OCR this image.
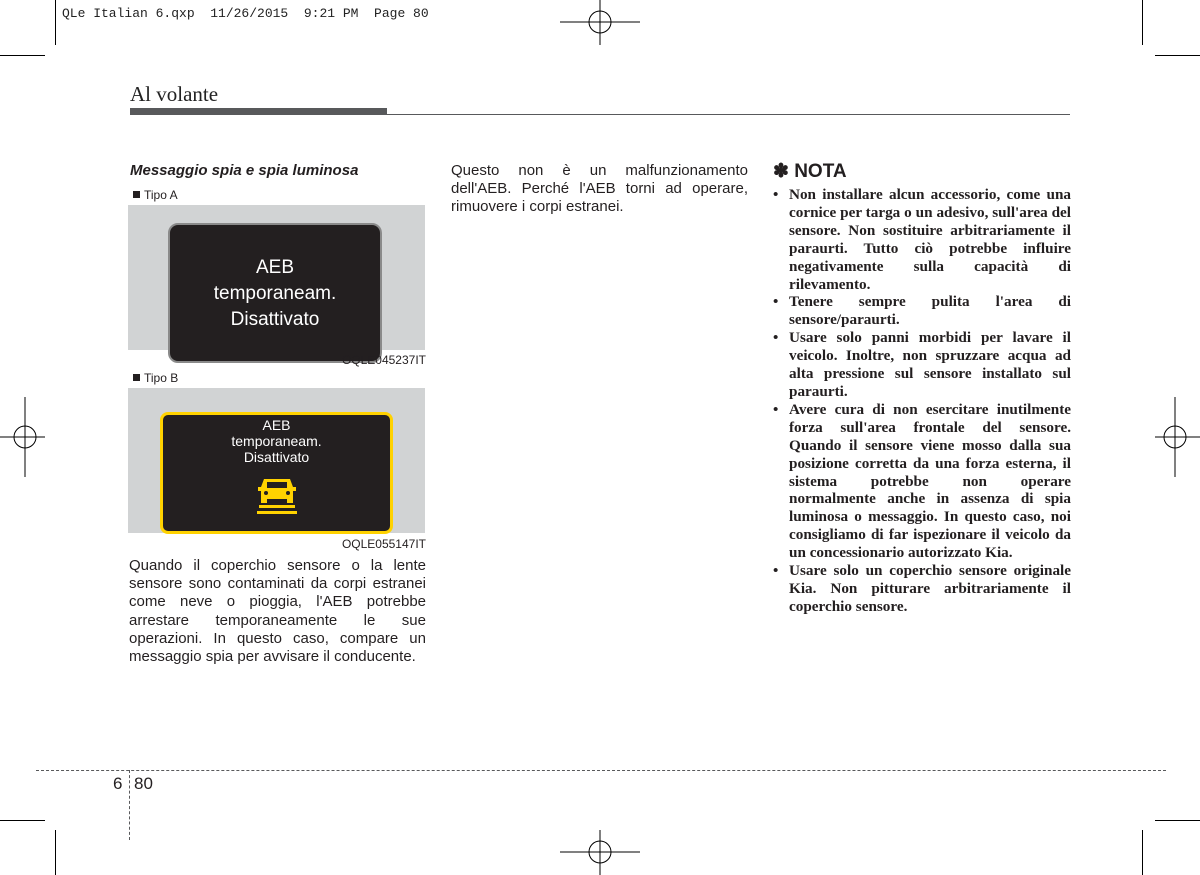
QLe Italian 6.qxp  11/26/2015  9:21 PM  Page 80
Al volante
Messaggio spia e spia luminosa
Tipo A
AEB
temporaneam.
Disattivato
OQLE045237IT
Tipo B
AEB
temporaneam.
Disattivato
OQLE055147IT
Quando il coperchio sensore o la lente sensore sono contaminati da corpi estranei come neve o pioggia, l'AEB potrebbe arrestare temporaneamente le sue operazioni. In questo caso, compare un messaggio spia per avvisare il conducente.
Questo non è un malfunzionamento dell'AEB. Perché l'AEB torni ad operare, rimuovere i corpi estranei.
✽ NOTA
• Non installare alcun accessorio, come una cornice per targa o un adesivo, sull'area del sensore. Non sostituire arbitrariamente il paraurti. Tutto ciò potrebbe influire negativamente sulla capacità di rilevamento.
• Tenere sempre pulita l'area di sensore/paraurti.
• Usare solo panni morbidi per lavare il veicolo. Inoltre, non spruzzare acqua ad alta pressione sul sensore installato sul paraurti.
• Avere cura di non esercitare inutilmente forza sull'area frontale del sensore. Quando il sensore viene mosso dalla sua posizione corretta da una forza esterna, il sistema potrebbe non operare normalmente anche in assenza di spia luminosa o messaggio. In questo caso, noi consigliamo di far ispezionare il veicolo da un concessionario autorizzato Kia.
• Usare solo un coperchio sensore originale Kia. Non pitturare arbitrariamente il coperchio sensore.
6 80
